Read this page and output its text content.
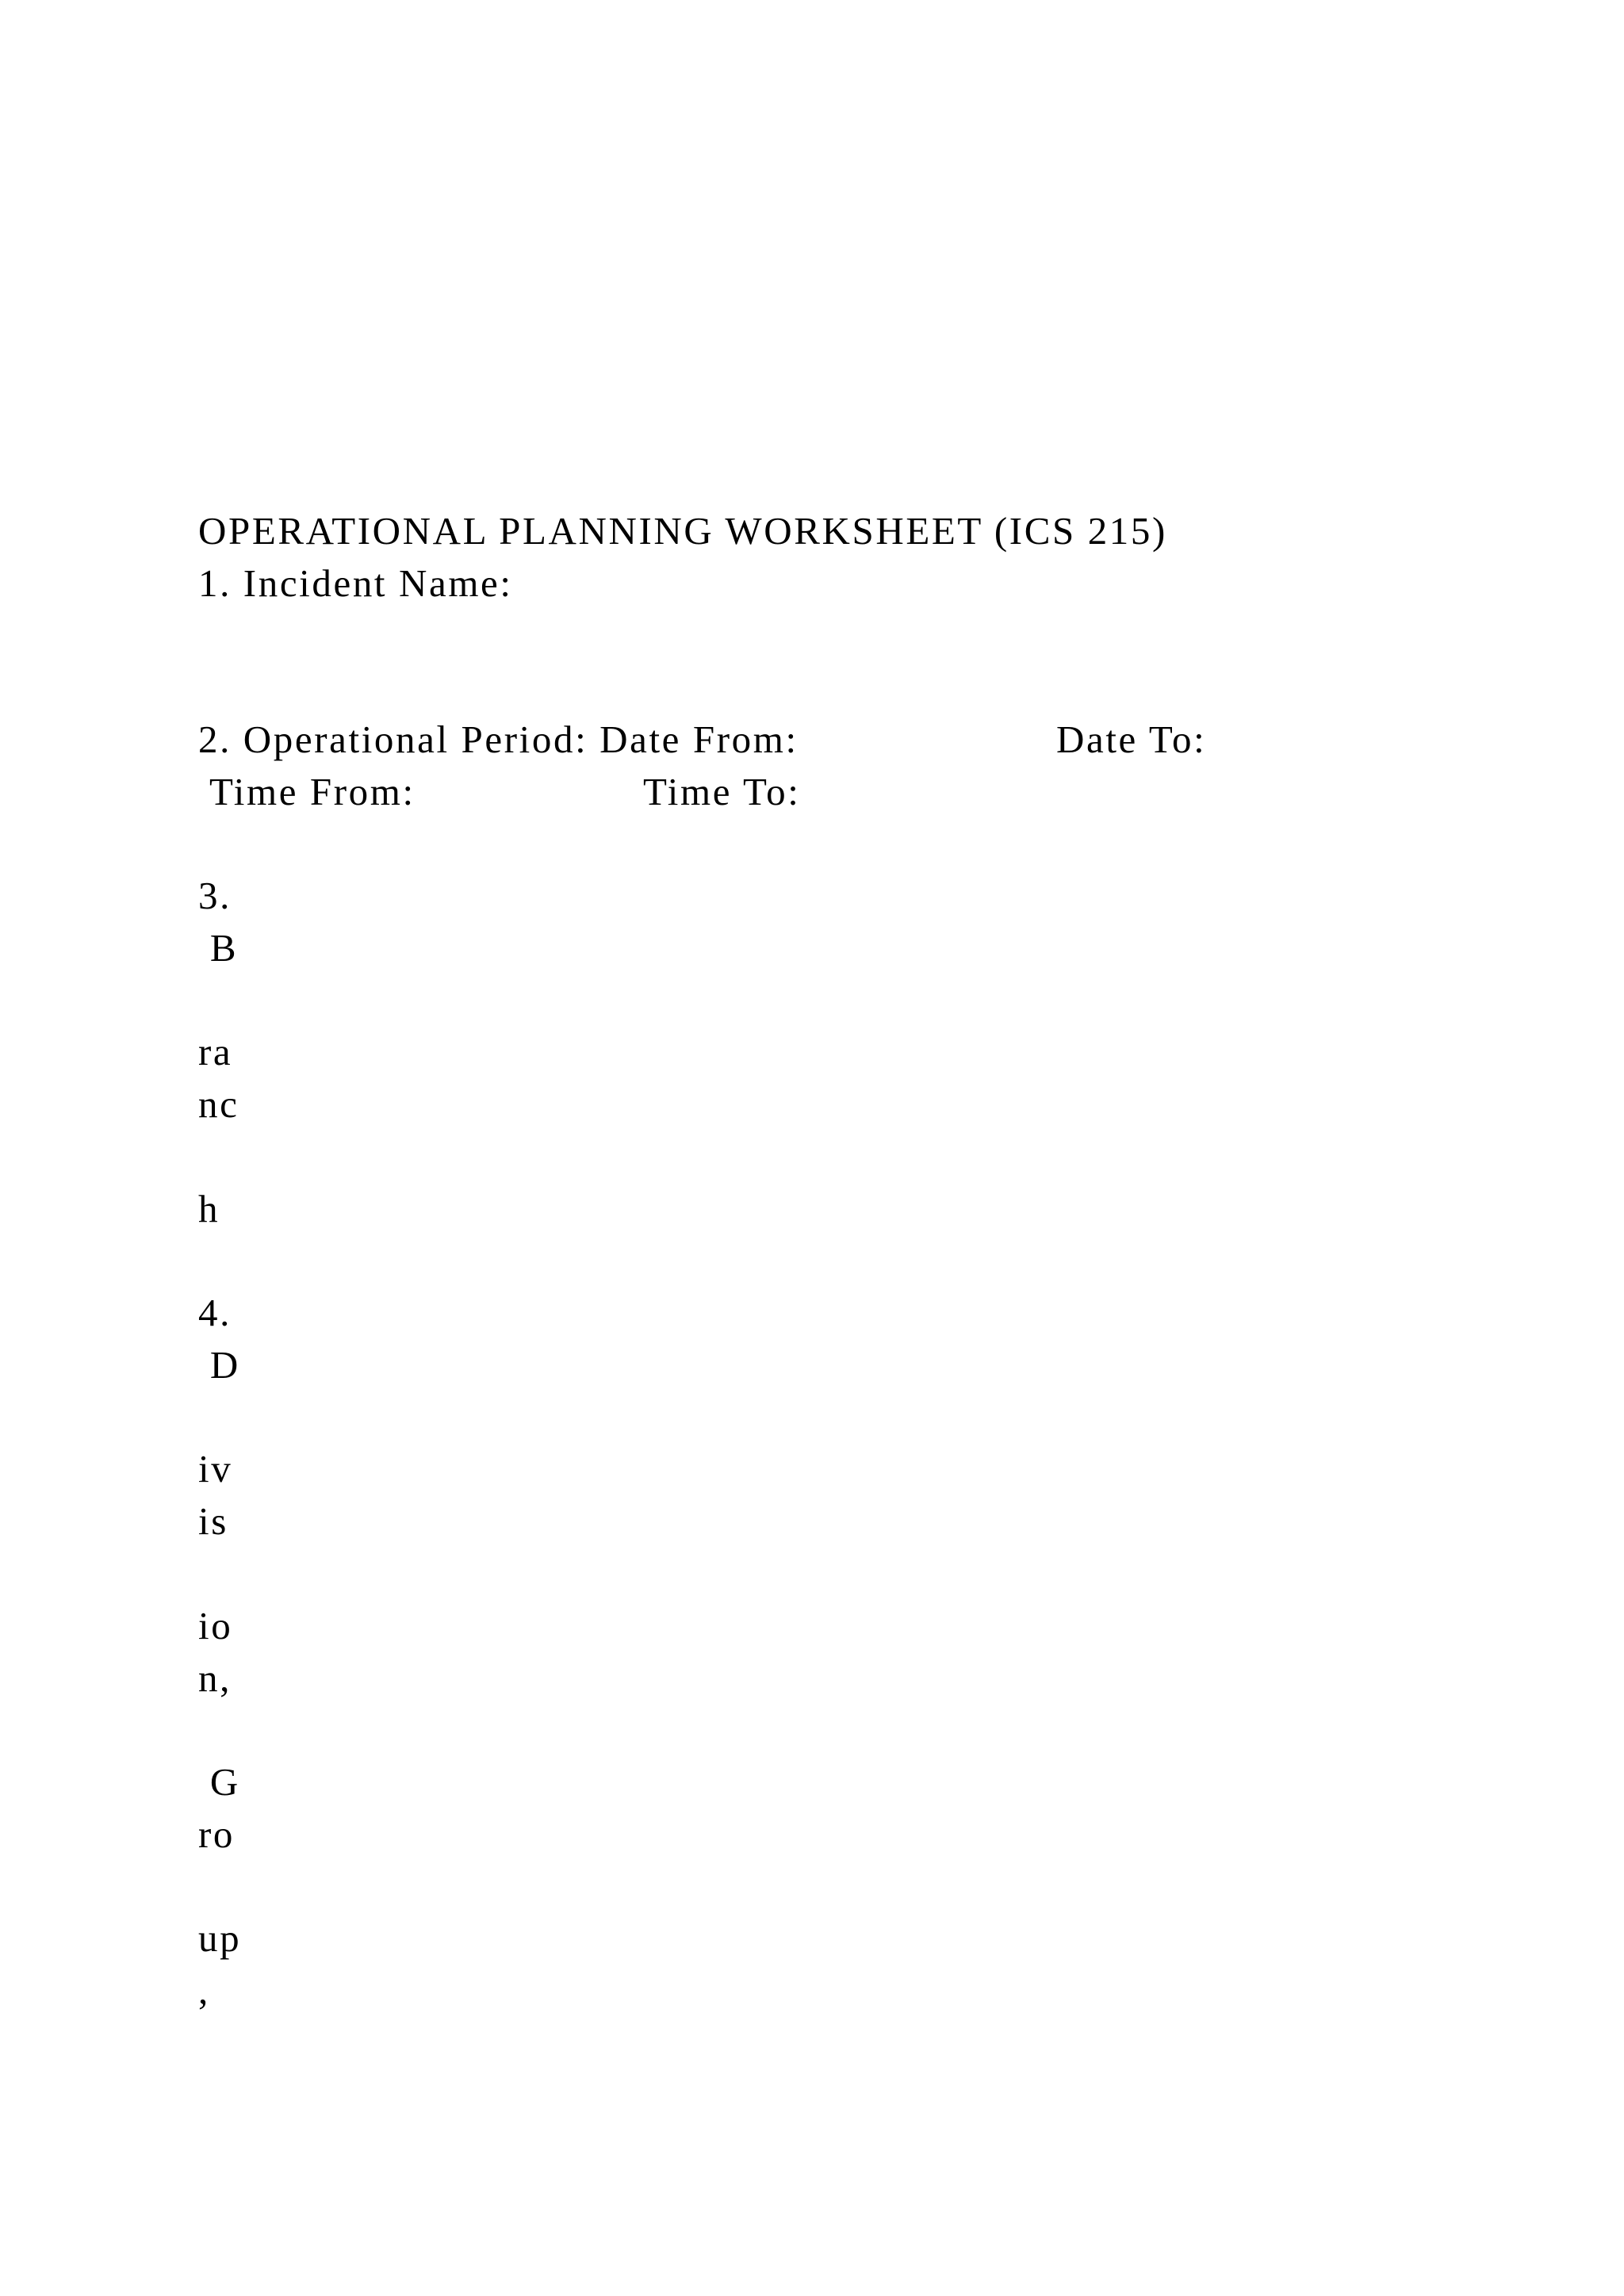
OPERATIONAL PLANNING WORKSHEET (ICS 215)
1. Incident Name:
2. Operational Period: Date From:	Date To:
Time From:	Time To:
3.
B
ra
nc
h
4.
D
iv
is
io
n,
G
ro
up
,
